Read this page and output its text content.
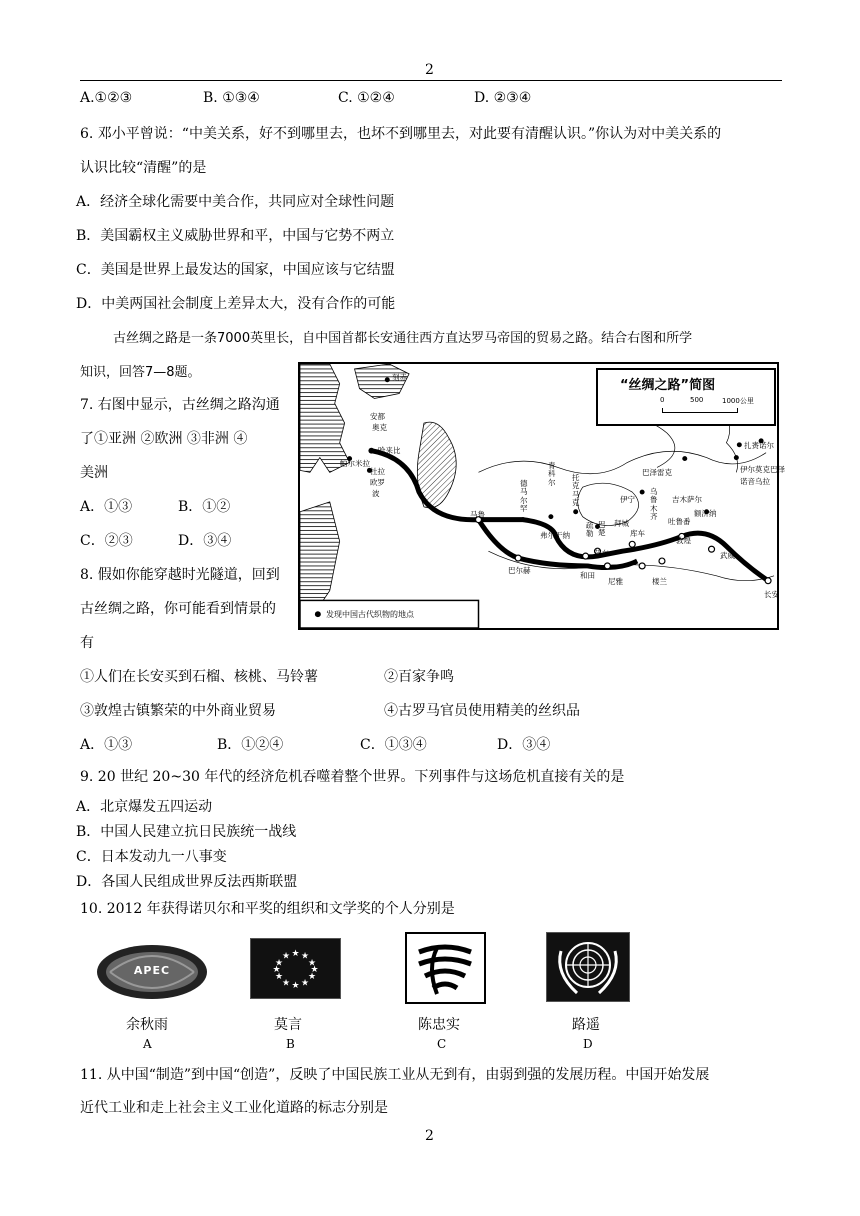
2
A.①②③	B. ①③④	C. ①②④	D. ②③④
6. 邓小平曾说：“中美关系，好不到哪里去，也坏不到哪里去，对此要有清醒认识。”你认为对中美关系的
认识比较“清醒”的是
A．经济全球化需要中美合作，共同应对全球性问题
B．美国霸权主义威胁世界和平，中国与它势不两立
C．美国是世界上最发达的国家，中国应该与它结盟
D．中美两国社会制度上差异太大，没有合作的可能
古丝绸之路是一条7000英里长，自中国首都长安通往西方直达罗马帝国的贸易之路。结合右图和所学
知识，回答7—8题。
7. 右图中显示，古丝绸之路沟通
了①亚洲 ②欧洲 ③非洲 ④
美洲
A．①③	B．①②
C．②③	D．③④
8. 假如你能穿越时光隧道，回到
古丝绸之路，你可能看到情景的
有
①人们在长安买到石榴、核桃、马铃薯	②百家争鸣
③敦煌古镇繁荣的中外商业贸易	④古罗马官员使用精美的丝织品
A．①③	B．①②④	C．①③④	D．③④
“丝绸之路”简图
0	500	1000公里
发现中国古代织物的地点
刻赤
安都
奥克
哈来比
帕尔米拉
杜拉
欧罗
波
马鲁
德马尔罕
青科尔	托克马克	伊宁
巴泽雷克
乌鲁木齐
扎赉诺尔
伊尔莫克巴泽
诺音乌拉
吉木萨尔
吐鲁番
额济纳
巴尔赫
弗尔干纳
疏勒
巴楚
拜城
库车
莎车
和田
尼雅	楼兰
敦煌
武威
长安
9. 20 世纪 20~30 年代的经济危机吞噬着整个世界。下列事件与这场危机直接有关的是
A．北京爆发五四运动
B．中国人民建立抗日民族统一战线
C．日本发动九一八事变
D．各国人民组成世界反法西斯联盟
10. 2012 年获得诺贝尔和平奖的组织和文学奖的个人分别是
APEC
★ ★
★
★
★
★
★
★
★
★
★
★
余秋雨	莫言	陈忠实	路遥
A	B	C	D
11. 从中国“制造”到中国“创造”，反映了中国民族工业从无到有，由弱到强的发展历程。中国开始发展
近代工业和走上社会主义工业化道路的标志分别是
2
